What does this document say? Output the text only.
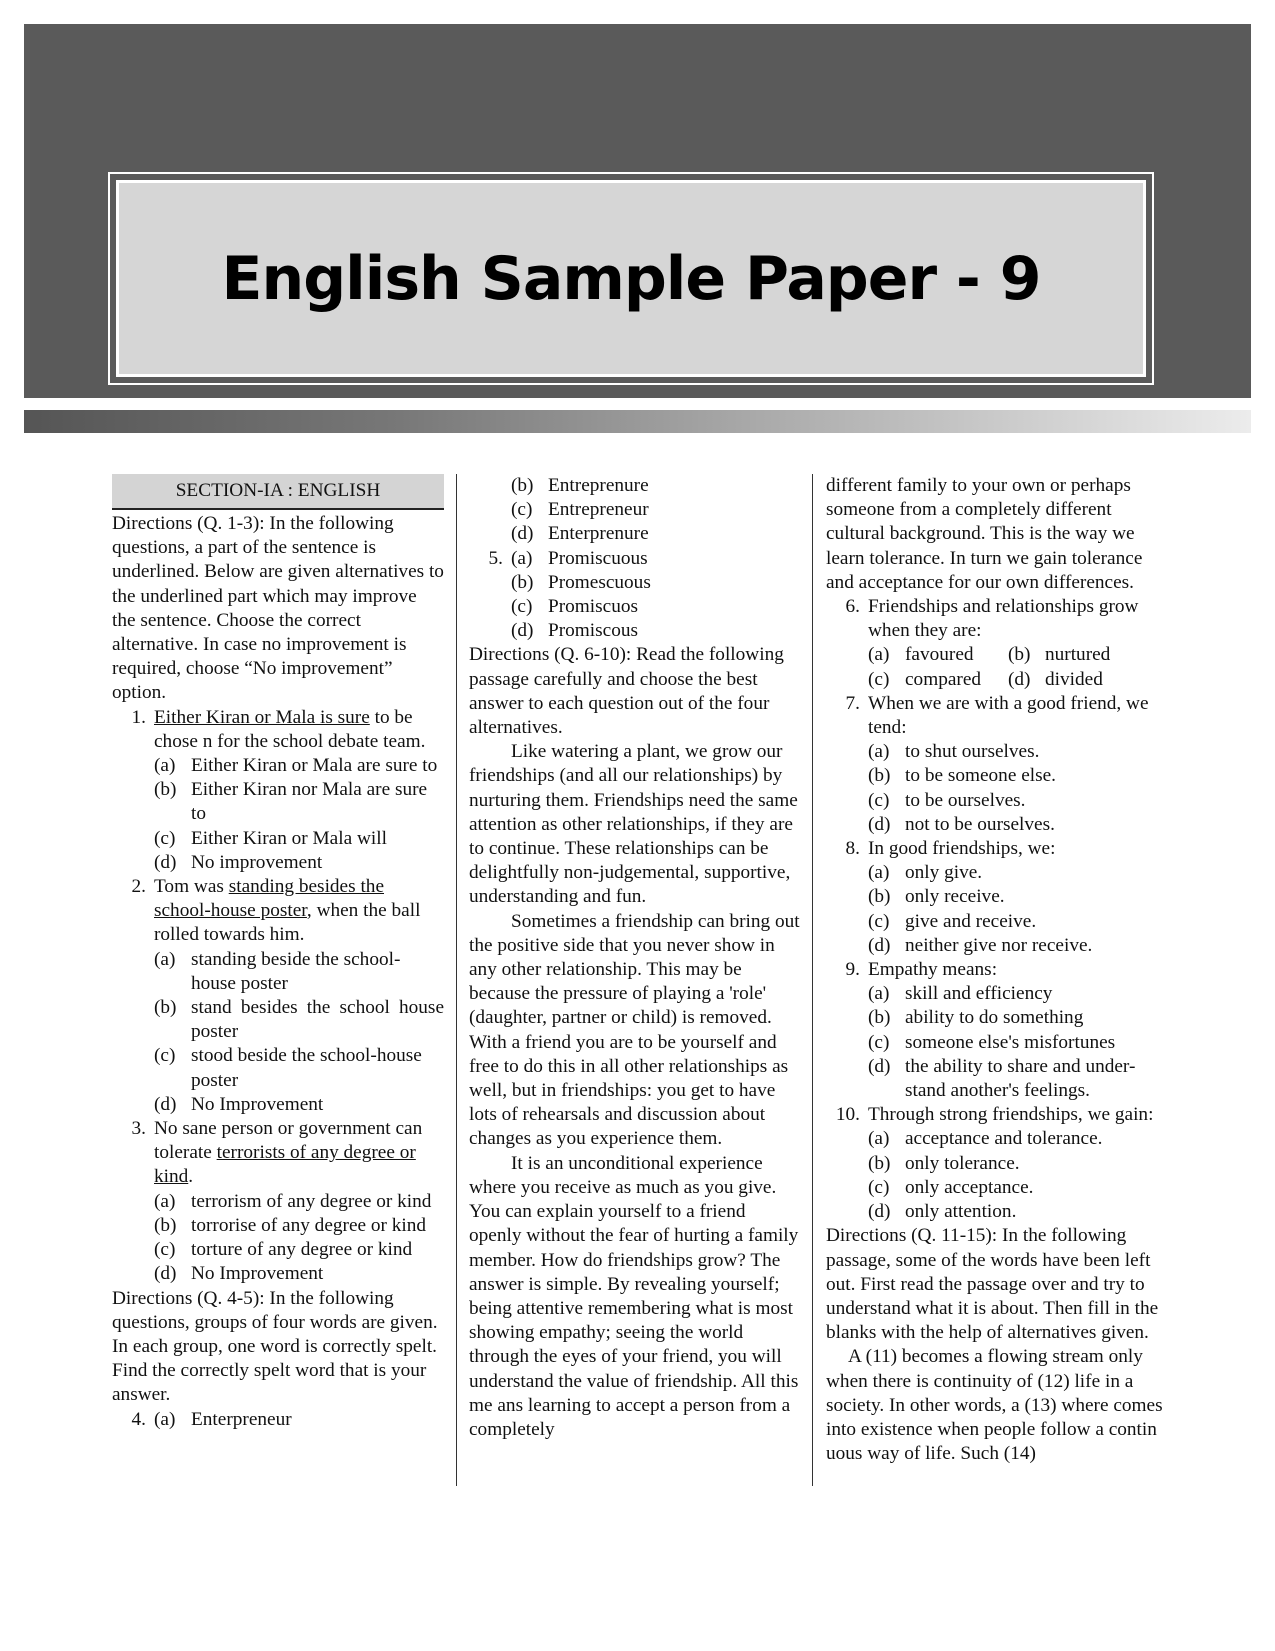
English Sample Paper - 9
SECTION-IA : ENGLISH

Directions (Q. 1-3): In the following questions, a part of the sentence is underlined. Below are given alternatives to the underlined part which may improve the sentence. Choose the correct alternative. In case no improvement is required, choose “No improvement” option.

1. Either Kiran or Mala is sure to be chose n for the school debate team.
(a) Either Kiran or Mala are sure to
(b) Either Kiran nor Mala are sure to
(c) Either Kiran or Mala will
(d) No improvement
2. Tom was standing besides the school-house poster, when the ball rolled towards him.
(a) standing beside the school-house poster
(b) stand besides the school house poster
(c) stood beside the school-house poster
(d) No Improvement
3. No sane person or government can tolerate terrorists of any degree or kind.
(a) terrorism of any degree or kind
(b) torrorise of any degree or kind
(c) torture of any degree or kind
(d) No Improvement

Directions (Q. 4-5): In the following questions, groups of four words are given. In each group, one word is correctly spelt. Find the correctly spelt word that is your answer.

4. (a) Enterpreneur
(b) Entreprenure
(c) Entrepreneur
(d) Enterprenure
5. (a) Promiscuous
(b) Promescuous
(c) Promiscuos
(d) Promiscous

Directions (Q. 6-10): Read the following passage carefully and choose the best answer to each question out of the four alternatives.

Like watering a plant, we grow our friendships (and all our relationships) by nurturing them. Friendships need the same attention as other relationships, if they are to continue. These relationships can be delightfully non-judgemental, supportive, understanding and fun.

Sometimes a friendship can bring out the positive side that you never show in any other relationship. This may be because the pressure of playing a 'role' (daughter, partner or child) is removed. With a friend you are to be yourself and free to do this in all other relationships as well, but in friendships: you get to have lots of rehearsals and discussion about changes as you experience them.

It is an unconditional experience where you receive as much as you give. You can explain yourself to a friend openly without the fear of hurting a family member. How do friendships grow? The answer is simple. By revealing yourself; being attentive remembering what is most showing empathy; seeing the world through the eyes of your friend, you will understand the value of friendship. All this me ans learning to accept a person from a completely

different family to your own or perhaps someone from a completely different cultural background. This is the way we learn tolerance. In turn we gain tolerance and acceptance for our own differences.

6. Friendships and relationships grow when they are:
(a) favoured (b) nurtured
(c) compared (d) divided
7. When we are with a good friend, we tend:
(a) to shut ourselves.
(b) to be someone else.
(c) to be ourselves.
(d) not to be ourselves.
8. In good friendships, we:
(a) only give.
(b) only receive.
(c) give and receive.
(d) neither give nor receive.
9. Empathy means:
(a) skill and efficiency
(b) ability to do something
(c) someone else's misfortunes
(d) the ability to share and under-stand another's feelings.
10. Through strong friendships, we gain:
(a) acceptance and tolerance.
(b) only tolerance.
(c) only acceptance.
(d) only attention.

Directions (Q. 11-15): In the following passage, some of the words have been left out. First read the passage over and try to understand what it is about. Then fill in the blanks with the help of alternatives given.

A (11) becomes a flowing stream only when there is continuity of (12) life in a society. In other words, a (13) where comes into existence when people follow a contin uous way of life. Such (14)
